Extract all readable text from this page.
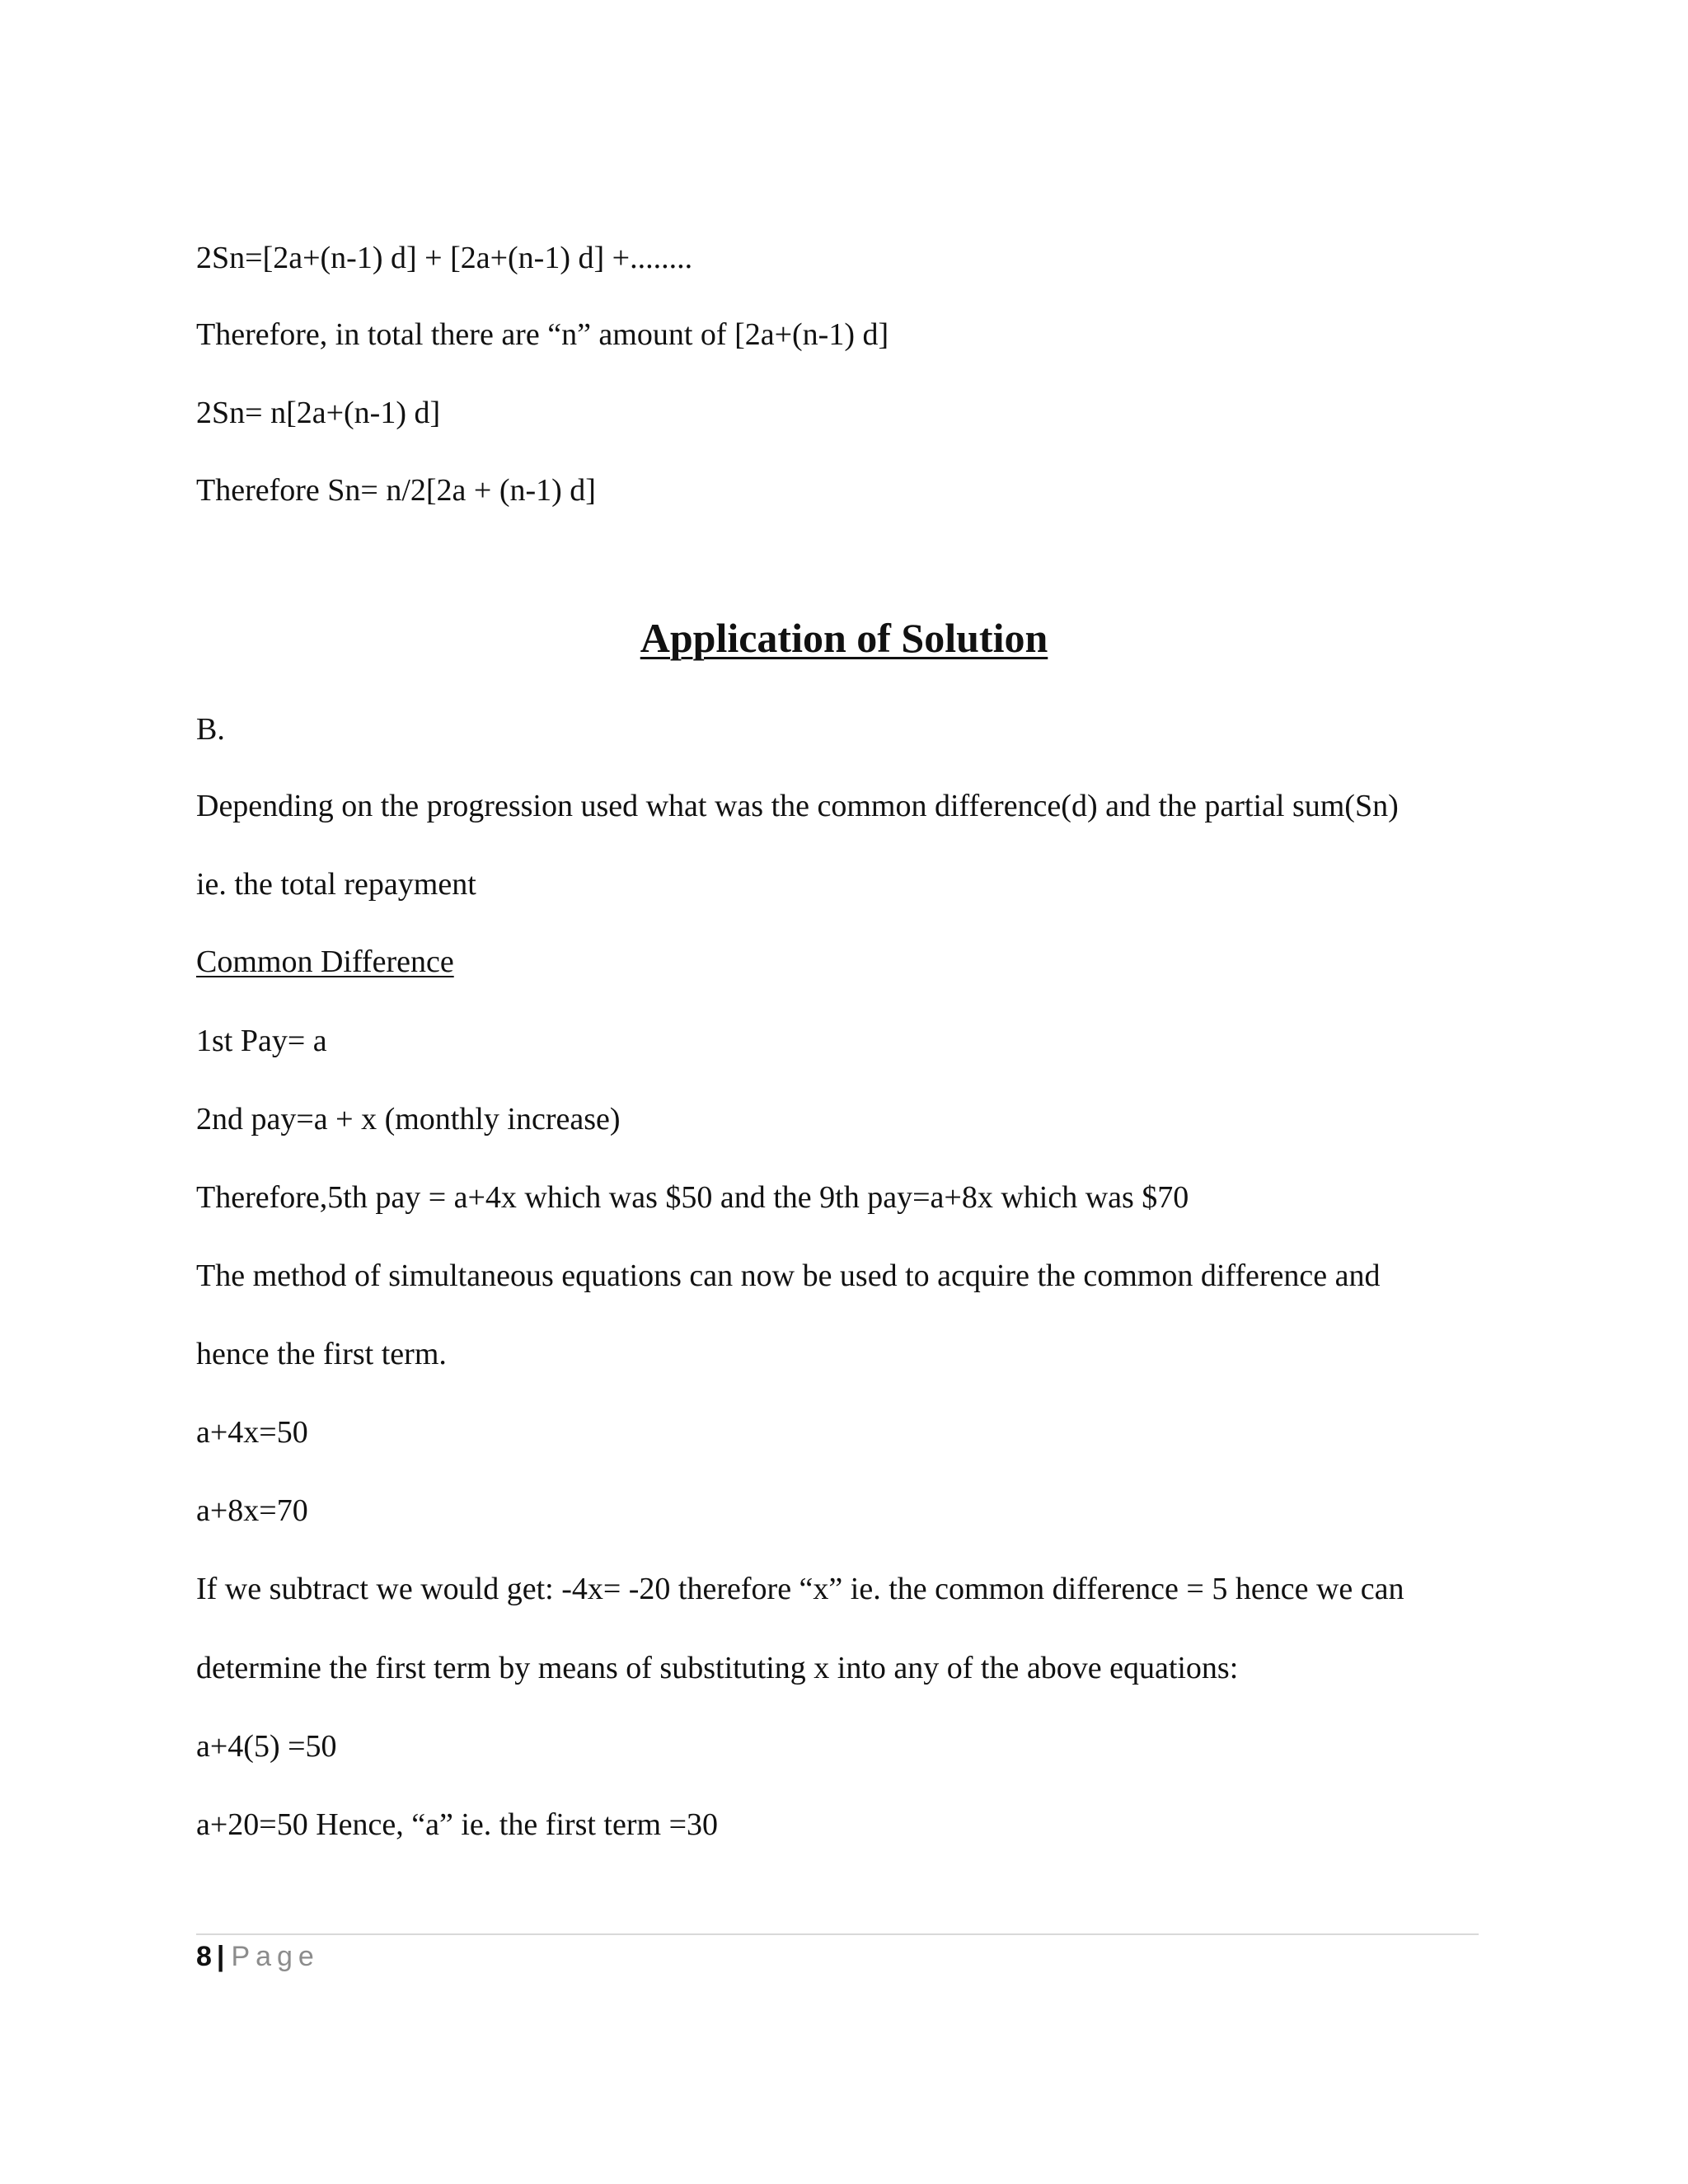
2Sn=[2a+(n-1) d] + [2a+(n-1) d] +........
Therefore, in total there are “n” amount of [2a+(n-1) d]
2Sn= n[2a+(n-1) d]
Therefore Sn= n/2[2a + (n-1) d]
Application of Solution
B.
Depending on the progression used what was the common difference(d) and the partial sum(Sn)
ie. the total repayment
Common Difference
1st Pay= a
2nd pay=a + x (monthly increase)
Therefore,5th pay = a+4x which was $50 and the 9th pay=a+8x which was $70
The method of simultaneous equations can now be used to acquire the common difference and
hence the first term.
a+4x=50
a+8x=70
If we subtract we would get: -4x= -20 therefore “x” ie. the common difference = 5 hence we can
determine the first term by means of substituting x into any of the above equations:
a+4(5) =50
a+20=50 Hence, “a” ie. the first term =30
8 | Page
